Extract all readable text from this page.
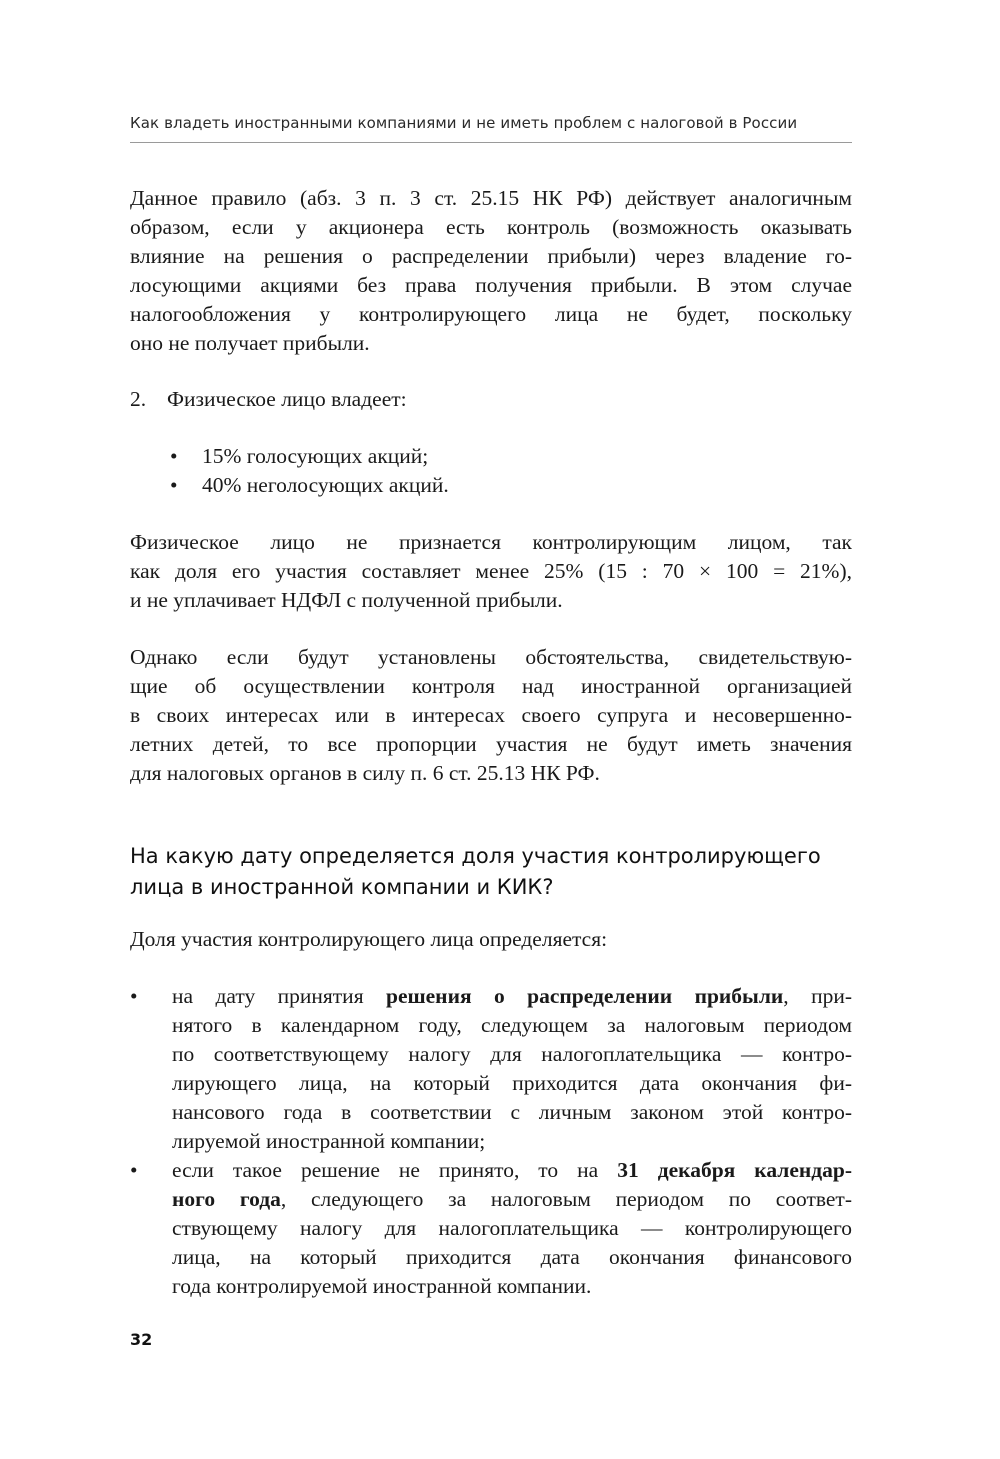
Как владеть иностранными компаниями и не иметь проблем с налоговой в России
Данное правило (абз. 3 п. 3 ст. 25.15 НК РФ) действует аналогичным
образом, если у акционера есть контроль (возможность оказывать
влияние на решения о распределении прибыли) через владение го-
лосующими акциями без права получения прибыли. В этом случае
налогообложения у контролирующего лица не будет, поскольку
оно не получает прибыли.
2. Физическое лицо владеет:
• 15% голосующих акций;
• 40% неголосующих акций.
Физическое лицо не признается контролирующим лицом, так
как доля его участия составляет менее 25% (15 : 70 × 100 = 21%),
и не уплачивает НДФЛ с полученной прибыли.
Однако если будут установлены обстоятельства, свидетельствую-
щие об осуществлении контроля над иностранной организацией
в своих интересах или в интересах своего супруга и несовершенно-
летних детей, то все пропорции участия не будут иметь значения
для налоговых органов в силу п. 6 ст. 25.13 НК РФ.
На какую дату определяется доля участия контролирующего
лица в иностранной компании и КИК?
Доля участия контролирующего лица определяется:
• на дату принятия решения о распределении прибыли, при-
нятого в календарном году, следующем за налоговым периодом
по соответствующему налогу для налогоплательщика — контро-
лирующего лица, на который приходится дата окончания фи-
нансового года в соответствии с личным законом этой контро-
лируемой иностранной компании;
• если такое решение не принято, то на 31 декабря календар-
ного года, следующего за налоговым периодом по соответ-
ствующему налогу для налогоплательщика — контролирующего
лица, на который приходится дата окончания финансового
года контролируемой иностранной компании.
32
